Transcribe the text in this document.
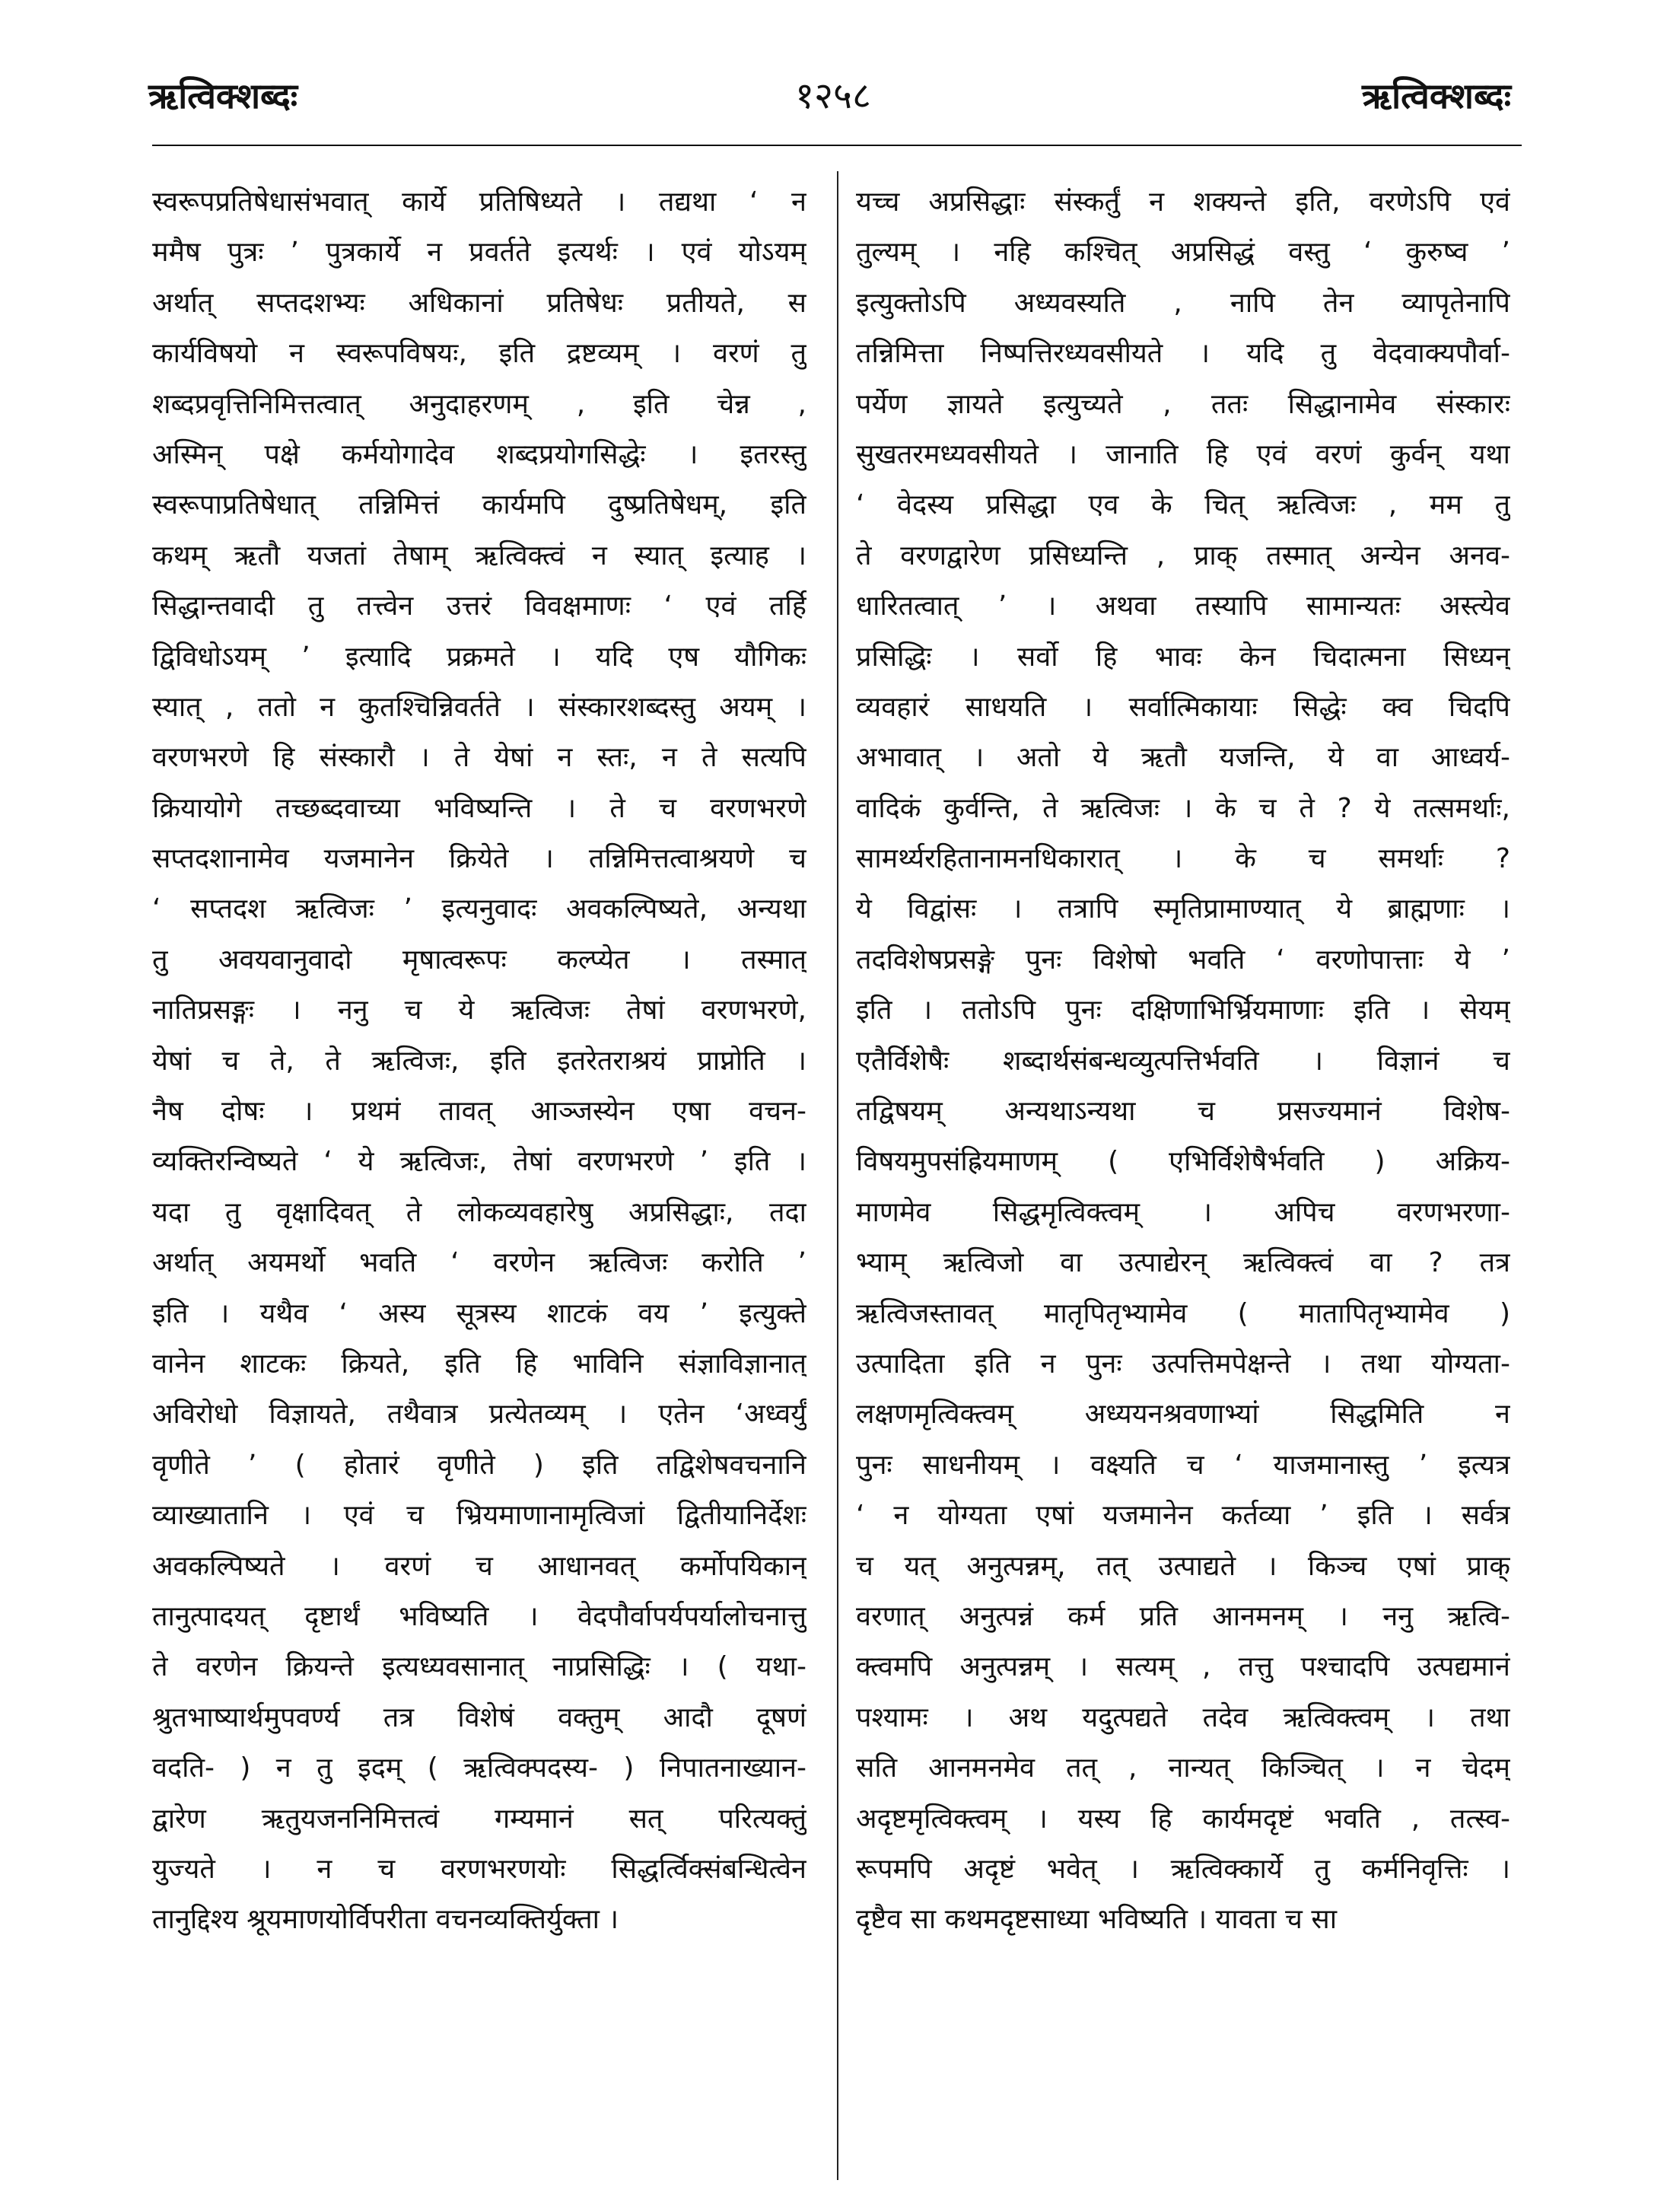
ऋत्विक्शब्दः	१२५८	ऋत्विक्शब्दः
स्वरूपप्रतिषेधासंभवात् कार्ये प्रतिषिध्यते । तद्यथा ‘ न
ममैष पुत्रः ’ पुत्रकार्ये न प्रवर्तते इत्यर्थः । एवं योऽयम्
अर्थात् सप्तदशभ्यः अधिकानां प्रतिषेधः प्रतीयते, स
कार्यविषयो न स्वरूपविषयः, इति द्रष्टव्यम् । वरणं तु
शब्दप्रवृत्तिनिमित्तत्वात् अनुदाहरणम् , इति चेन्न ,
अस्मिन् पक्षे कर्मयोगादेव शब्दप्रयोगसिद्धेः । इतरस्तु
स्वरूपाप्रतिषेधात् तन्निमित्तं कार्यमपि दुष्प्रतिषेधम्, इति
कथम् ऋतौ यजतां तेषाम् ऋत्विक्त्वं न स्यात् इत्याह ।
सिद्धान्तवादी तु तत्त्वेन उत्तरं विवक्षमाणः ‘ एवं तर्हि
द्विविधोऽयम् ’ इत्यादि प्रक्रमते । यदि एष यौगिकः
स्यात् , ततो न कुतश्चिन्निवर्तते । संस्कारशब्दस्तु अयम् ।
वरणभरणे हि संस्कारौ । ते येषां न स्तः, न ते सत्यपि
क्रियायोगे तच्छब्दवाच्या भविष्यन्ति । ते च वरणभरणे
सप्तदशानामेव यजमानेन क्रियेते । तन्निमित्तत्वाश्रयणे च
‘ सप्तदश ऋत्विजः ’ इत्यनुवादः अवकल्पिष्यते, अन्यथा
तु अवयवानुवादो मृषात्वरूपः कल्प्येत । तस्मात्
नातिप्रसङ्गः । ननु च ये ऋत्विजः तेषां वरणभरणे,
येषां च ते, ते ऋत्विजः, इति इतरेतराश्रयं प्राप्नोति ।
नैष दोषः । प्रथमं तावत् आञ्जस्येन एषा वचन-
व्यक्तिरन्विष्यते ‘ ये ऋत्विजः, तेषां वरणभरणे ’ इति ।
यदा तु वृक्षादिवत् ते लोकव्यवहारेषु अप्रसिद्धाः, तदा
अर्थात् अयमर्थो भवति ‘ वरणेन ऋत्विजः करोति ’
इति । यथैव ‘ अस्य सूत्रस्य शाटकं वय ’ इत्युक्ते
वानेन शाटकः क्रियते, इति हि भाविनि संज्ञाविज्ञानात्
अविरोधो विज्ञायते, तथैवात्र प्रत्येतव्यम् । एतेन ‘अध्वर्युं
वृणीते ’ ( होतारं वृणीते ) इति तद्विशेषवचनानि
व्याख्यातानि । एवं च भ्रियमाणानामृत्विजां द्वितीयानिर्देशः
अवकल्पिष्यते । वरणं च आधानवत् कर्मोपयिकान्
तानुत्पादयत् दृष्टार्थं भविष्यति । वेदपौर्वापर्यपर्यालोचनात्तु
ते वरणेन क्रियन्ते इत्यध्यवसानात् नाप्रसिद्धिः । ( यथा-
श्रुतभाष्यार्थमुपवर्ण्य तत्र विशेषं वक्तुम् आदौ दूषणं
वदति- ) न तु इदम् ( ऋत्विक्पदस्य- ) निपातनाख्यान-
द्वारेण ऋतुयजननिमित्तत्वं गम्यमानं सत् परित्यक्तुं
युज्यते । न च वरणभरणयोः सिद्धर्त्विक्संबन्धित्वेन
तानुद्दिश्य श्रूयमाणयोर्विपरीता वचनव्यक्तिर्युक्ता ।
यच्च अप्रसिद्धाः संस्कर्तुं न शक्यन्ते इति, वरणेऽपि एवं
तुल्यम् । नहि कश्चित् अप्रसिद्धं वस्तु ‘ कुरुष्व ’
इत्युक्तोऽपि अध्यवस्यति , नापि तेन व्यापृतेनापि
तन्निमित्ता निष्पत्तिरध्यवसीयते । यदि तु वेदवाक्यपौर्वा-
पर्येण ज्ञायते इत्युच्यते , ततः सिद्धानामेव संस्कारः
सुखतरमध्यवसीयते । जानाति हि एवं वरणं कुर्वन् यथा
‘ वेदस्य प्रसिद्धा एव के चित् ऋत्विजः , मम तु
ते वरणद्वारेण प्रसिध्यन्ति , प्राक् तस्मात् अन्येन अनव-
धारितत्वात् ’ । अथवा तस्यापि सामान्यतः अस्त्येव
प्रसिद्धिः । सर्वो हि भावः केन चिदात्मना सिध्यन्
व्यवहारं साधयति । सर्वात्मिकायाः सिद्धेः क्व चिदपि
अभावात् । अतो ये ऋतौ यजन्ति, ये वा आध्वर्य-
वादिकं कुर्वन्ति, ते ऋत्विजः । के च ते ? ये तत्समर्थाः,
सामर्थ्यरहितानामनधिकारात् । के च समर्थाः ?
ये विद्वांसः । तत्रापि स्मृतिप्रामाण्यात् ये ब्राह्मणाः ।
तदविशेषप्रसङ्गे पुनः विशेषो भवति ‘ वरणोपात्ताः ये ’
इति । ततोऽपि पुनः दक्षिणाभिर्भ्रियमाणाः इति । सेयम्
एतैर्विशेषैः शब्दार्थसंबन्धव्युत्पत्तिर्भवति । विज्ञानं च
तद्विषयम् अन्यथाऽन्यथा च प्रसज्यमानं विशेष-
विषयमुपसंह्रियमाणम् ( एभिर्विशेषैर्भवति ) अक्रिय-
माणमेव सिद्धमृत्विक्त्वम् । अपिच वरणभरणा-
भ्याम् ऋत्विजो वा उत्पाद्येरन् ऋत्विक्त्वं वा ? तत्र
ऋत्विजस्तावत् मातृपितृभ्यामेव ( मातापितृभ्यामेव )
उत्पादिता इति न पुनः उत्पत्तिमपेक्षन्ते । तथा योग्यता-
लक्षणमृत्विक्त्वम् अध्ययनश्रवणाभ्यां सिद्धमिति न
पुनः साधनीयम् । वक्ष्यति च ‘ याजमानास्तु ’ इत्यत्र
‘ न योग्यता एषां यजमानेन कर्तव्या ’ इति । सर्वत्र
च यत् अनुत्पन्नम्, तत् उत्पाद्यते । किञ्च एषां प्राक्
वरणात् अनुत्पन्नं कर्म प्रति आनमनम् । ननु ऋत्वि-
क्त्वमपि अनुत्पन्नम् । सत्यम् , तत्तु पश्चादपि उत्पद्यमानं
पश्यामः । अथ यदुत्पद्यते तदेव ऋत्विक्त्वम् । तथा
सति आनमनमेव तत् , नान्यत् किञ्चित् । न चेदम्
अदृष्टमृत्विक्त्वम् । यस्य हि कार्यमदृष्टं भवति , तत्स्व-
रूपमपि अदृष्टं भवेत् । ऋत्विक्कार्ये तु कर्मनिवृत्तिः ।
दृष्टैव सा कथमदृष्टसाध्या भविष्यति । यावता च सा
